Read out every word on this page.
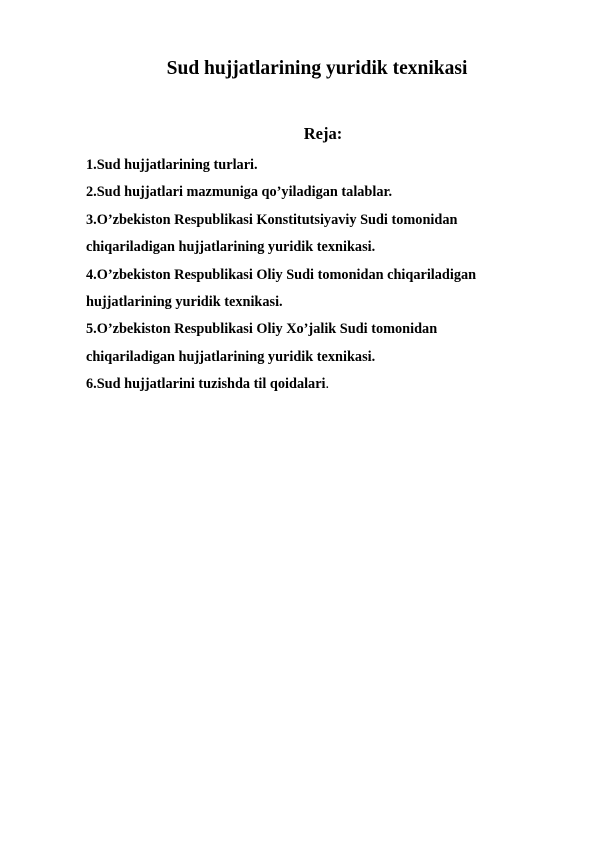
Sud hujjatlarining yuridik texnikasi
Reja:
1.Sud hujjatlarining turlari.
2.Sud hujjatlari mazmuniga qo’yiladigan talablar.
3.O’zbekiston Respublikasi Konstitutsiyaviy Sudi tomonidan
chiqariladigan hujjatlarining yuridik texnikasi.
4.O’zbekiston Respublikasi Oliy Sudi tomonidan chiqariladigan
hujjatlarining yuridik texnikasi.
5.O’zbekiston Respublikasi Oliy Xo’jalik Sudi tomonidan
chiqariladigan hujjatlarining yuridik texnikasi.
6.Sud hujjatlarini tuzishda til qoidalari.
